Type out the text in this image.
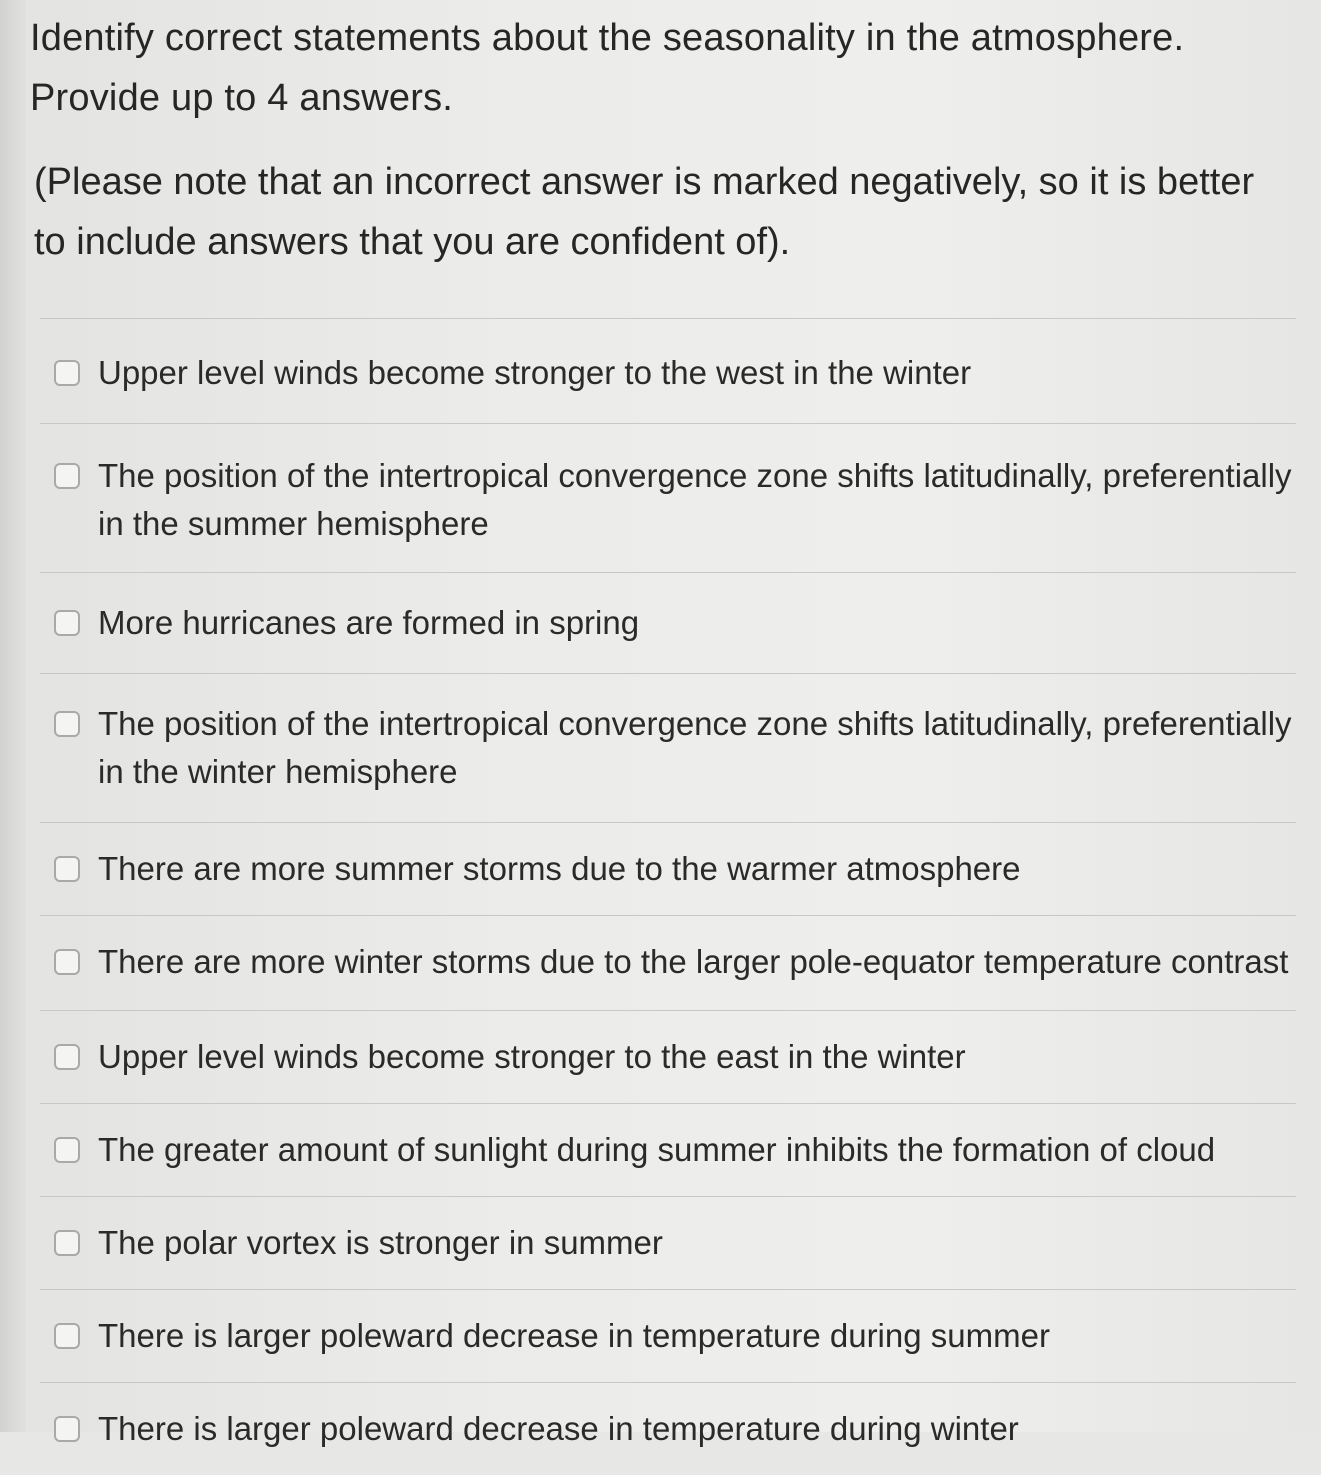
Identify correct statements about the seasonality in the atmosphere.

Provide up to 4 answers.

(Please note that an incorrect answer is marked negatively, so it is better to include answers that you are confident of).
Upper level winds become stronger to the west in the winter
The position of the intertropical convergence zone shifts latitudinally, preferentially in the summer hemisphere
More hurricanes are formed in spring
The position of the intertropical convergence zone shifts latitudinally, preferentially in the winter hemisphere
There are more summer storms due to the warmer atmosphere
There are more winter storms due to the larger pole-equator temperature contrast
Upper level winds become stronger to the east in the winter
The greater amount of sunlight during summer inhibits the formation of cloud
The polar vortex is stronger in summer
There is larger poleward decrease in temperature during summer
There is larger poleward decrease in temperature during winter
